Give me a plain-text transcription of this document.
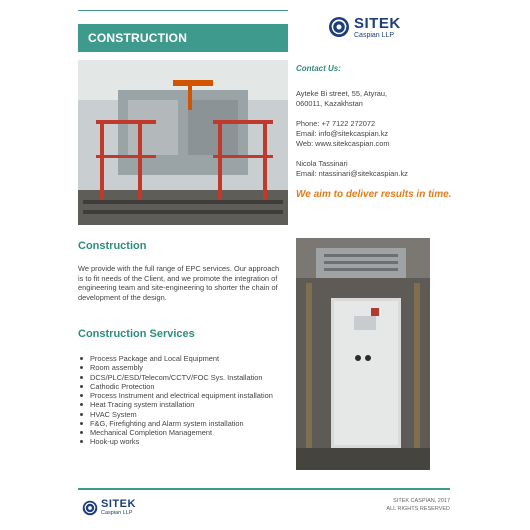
CONSTRUCTION
SITEK
Caspian LLP
Contact Us:
Ayteke Bi street, 55, Atyrau,
060011, Kazakhstan
Phone: +7 7122 272072
Email: info@sitekcaspian.kz
Web: www.sitekcaspian.com
Nicola Tassinari
Email: ntassinari@sitekcaspian.kz
We aim to deliver results in time.
Construction

We provide with the full range of EPC services. Our approach is to fit needs of the Client, and we promote the integration of engineering team and site-engineering to shorter the chain of development of the design.

Construction Services
Process Package and Local Equipment
Room assembly
DCS/PLC/ESD/Telecom/CCTV/FOC Sys. Installation
Cathodic Protection
Process Instrument and electrical equipment installation
Heat Tracing system installation
HVAC System
F&G, Firefighting and Alarm system installation
Mechanical Completion Management
Hook-up works
SITEK
Caspian LLP
SITEK CASPIAN, 2017
ALL RIGHTS RESERVED
